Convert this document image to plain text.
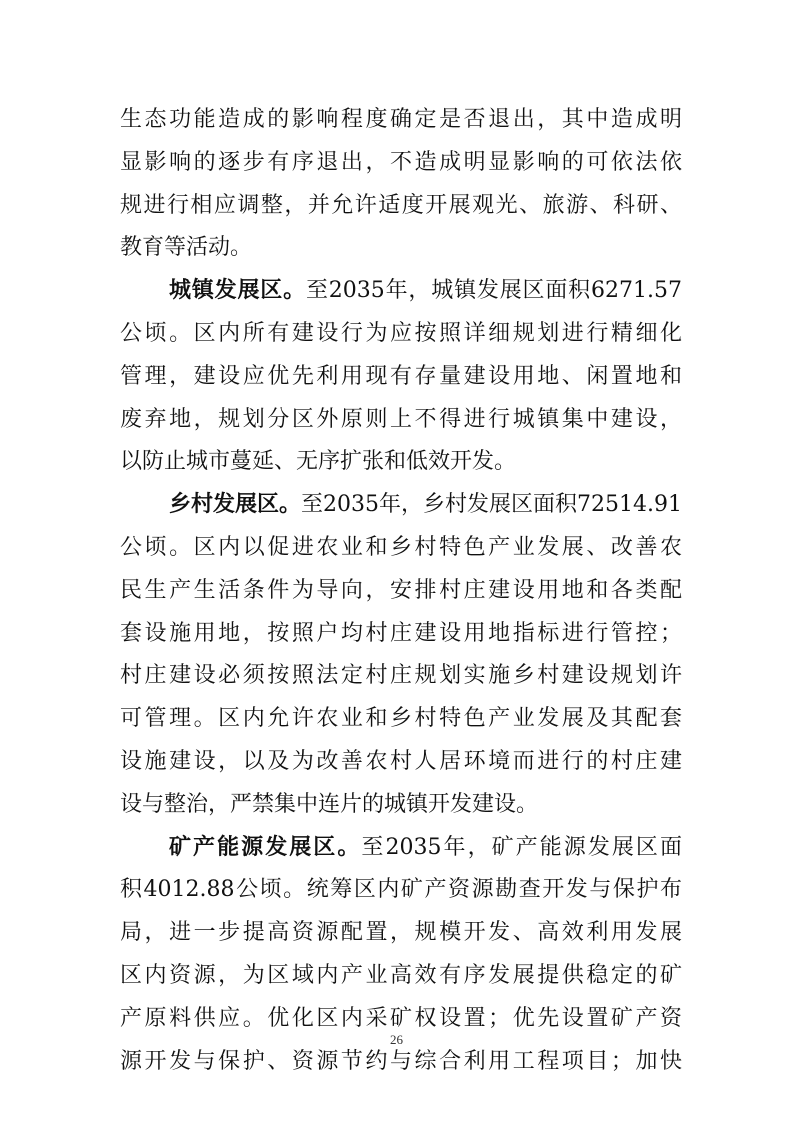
生态功能造成的影响程度确定是否退出，其中造成明
显影响的逐步有序退出，不造成明显影响的可依法依
规进行相应调整，并允许适度开展观光、旅游、科研、
教育等活动。
城镇发展区。至2035年，城镇发展区面积6271.57
公顷。区内所有建设行为应按照详细规划进行精细化
管理，建设应优先利用现有存量建设用地、闲置地和
废弃地，规划分区外原则上不得进行城镇集中建设，
以防止城市蔓延、无序扩张和低效开发。
乡村发展区。至2035年，乡村发展区面积72514.91
公顷。区内以促进农业和乡村特色产业发展、改善农
民生产生活条件为导向，安排村庄建设用地和各类配
套设施用地，按照户均村庄建设用地指标进行管控；
村庄建设必须按照法定村庄规划实施乡村建设规划许
可管理。区内允许农业和乡村特色产业发展及其配套
设施建设，以及为改善农村人居环境而进行的村庄建
设与整治，严禁集中连片的城镇开发建设。
矿产能源发展区。至2035年，矿产能源发展区面
积4012.88公顷。统筹区内矿产资源勘查开发与保护布
局，进一步提高资源配置，规模开发、高效利用发展
区内资源，为区域内产业高效有序发展提供稳定的矿
产原料供应。优化区内采矿权设置；优先设置矿产资
源开发与保护、资源节约与综合利用工程项目；加快
26
